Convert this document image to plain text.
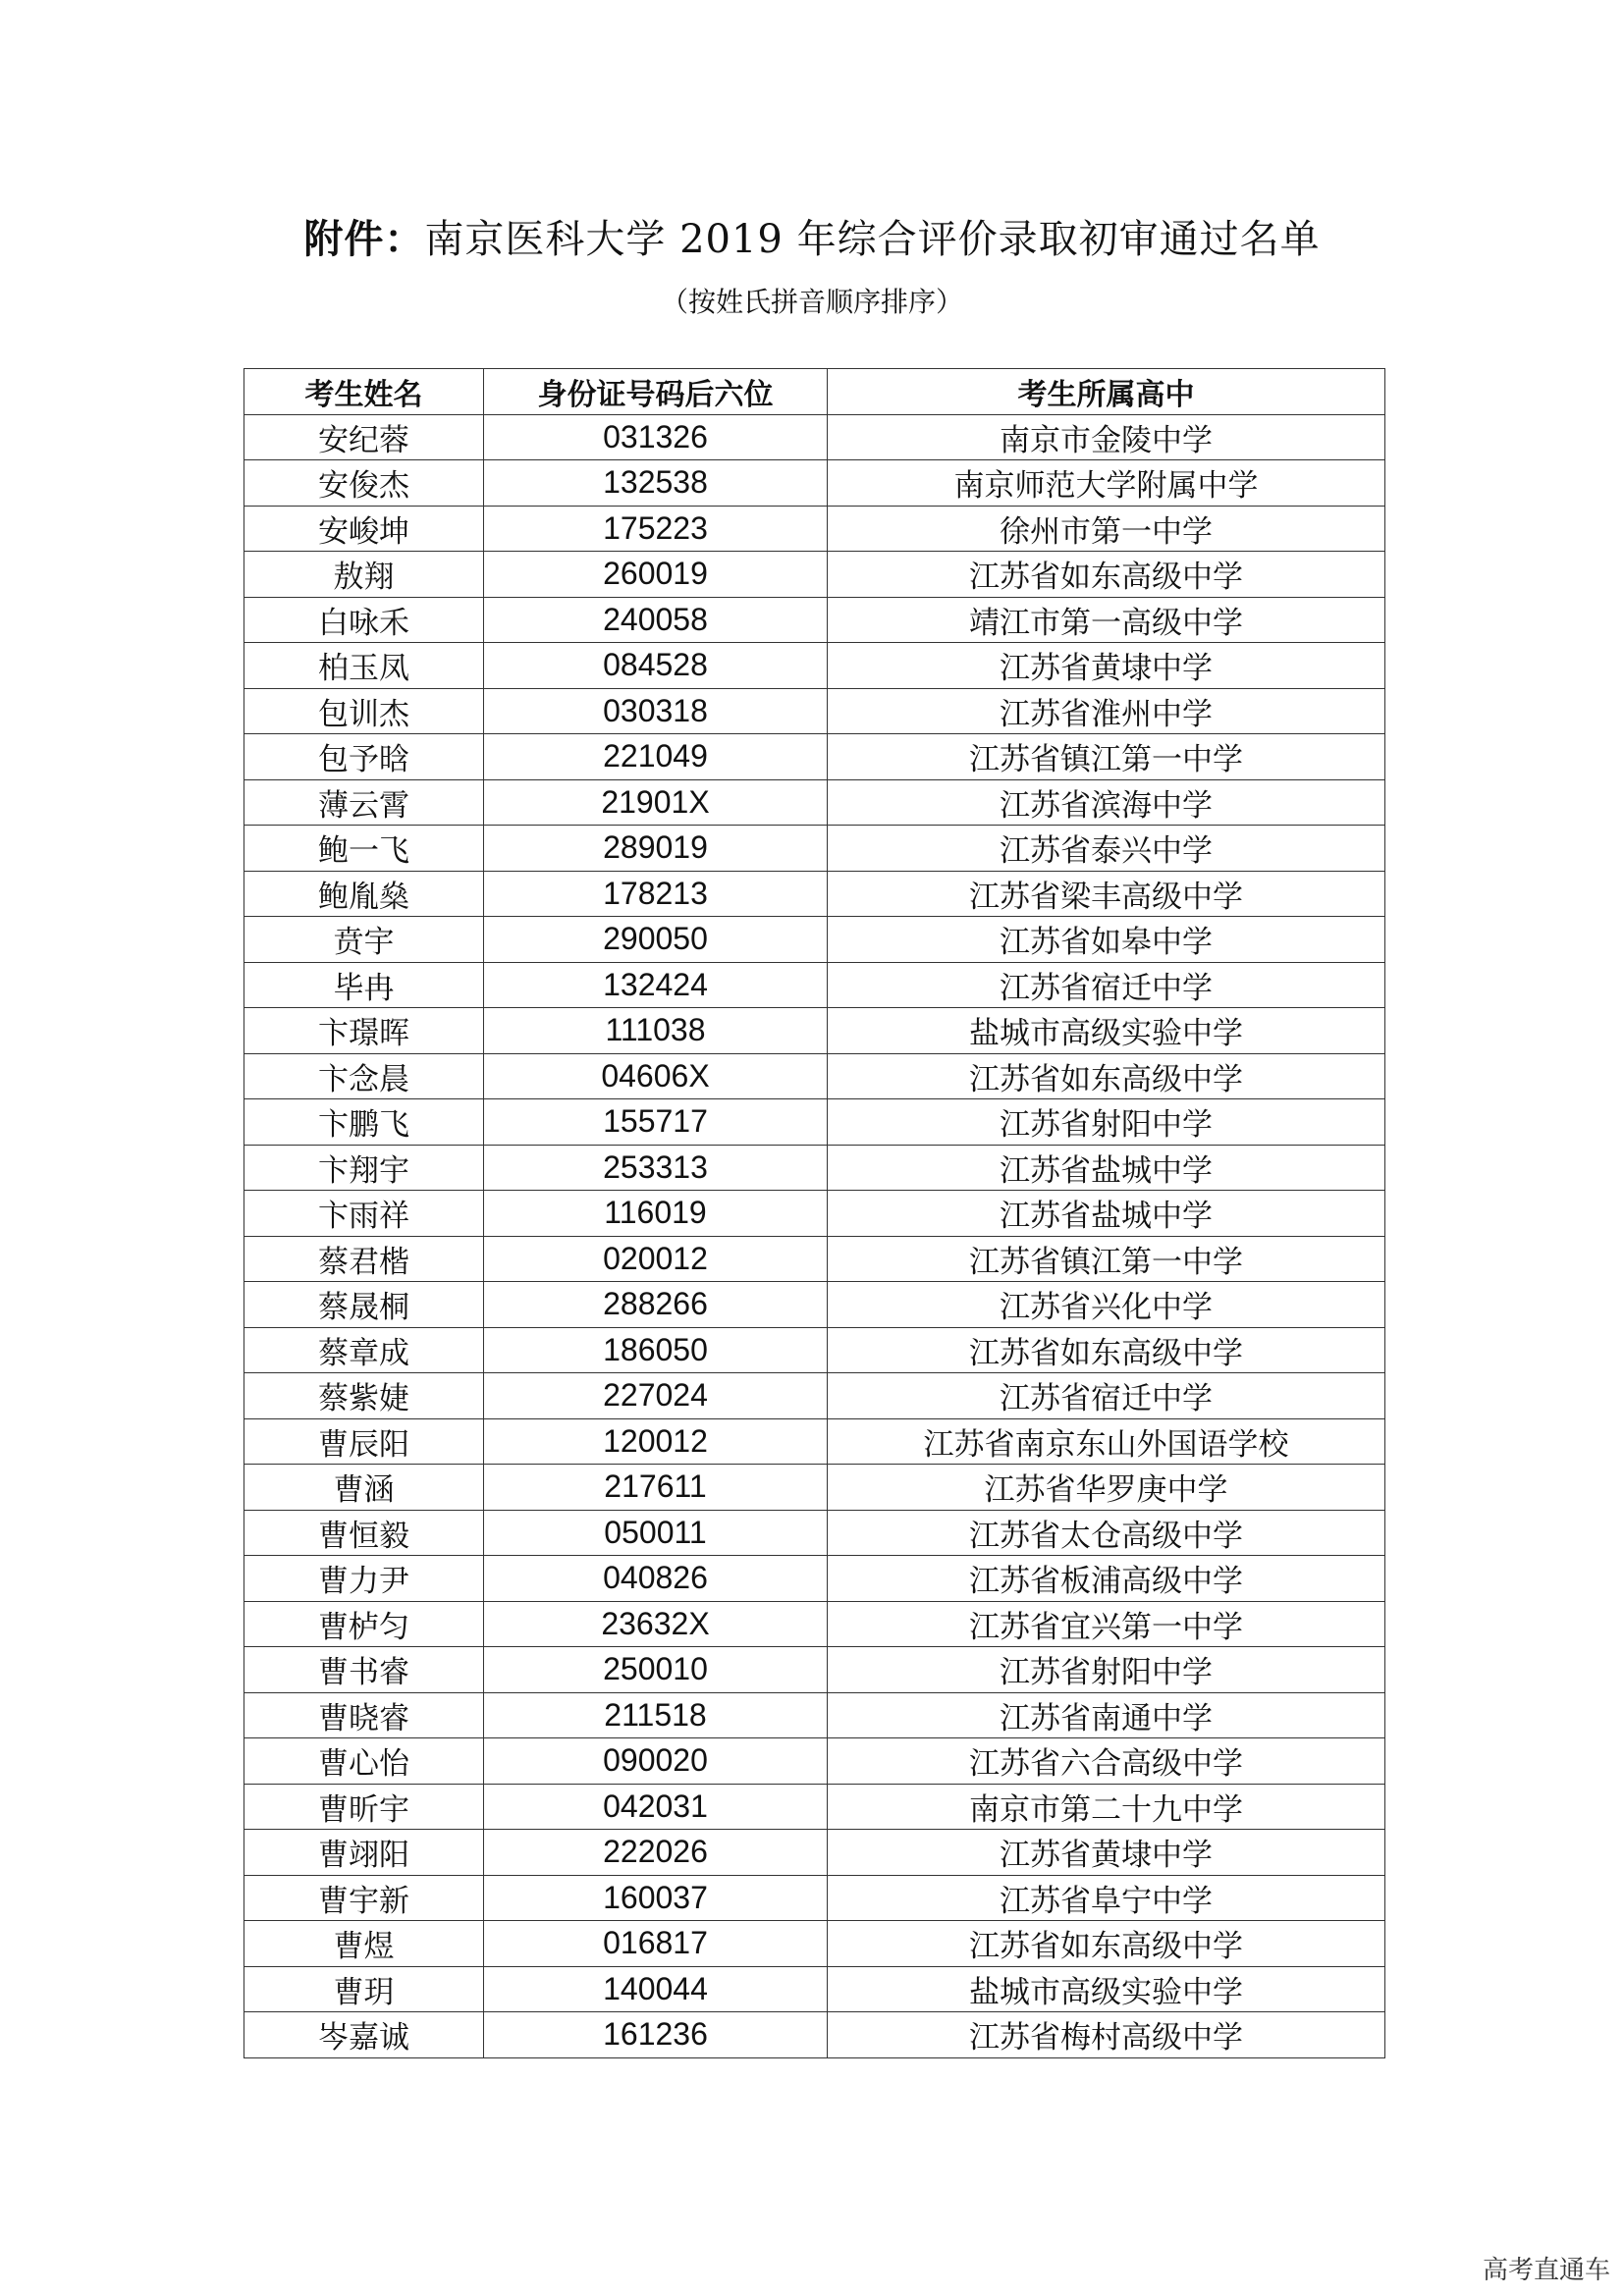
附件：南京医科大学 2019 年综合评价录取初审通过名单
（按姓氏拼音顺序排序）
考生姓名	身份证号码后六位	考生所属高中
安纪蓉	031326	南京市金陵中学
安俊杰	132538	南京师范大学附属中学
安峻坤	175223	徐州市第一中学
敖翔	260019	江苏省如东高级中学
白咏禾	240058	靖江市第一高级中学
柏玉凤	084528	江苏省黄埭中学
包训杰	030318	江苏省淮州中学
包予晗	221049	江苏省镇江第一中学
薄云霄	21901X	江苏省滨海中学
鲍一飞	289019	江苏省泰兴中学
鲍胤燊	178213	江苏省梁丰高级中学
贲宇	290050	江苏省如皋中学
毕冉	132424	江苏省宿迁中学
卞璟晖	111038	盐城市高级实验中学
卞念晨	04606X	江苏省如东高级中学
卞鹏飞	155717	江苏省射阳中学
卞翔宇	253313	江苏省盐城中学
卞雨祥	116019	江苏省盐城中学
蔡君楷	020012	江苏省镇江第一中学
蔡晟桐	288266	江苏省兴化中学
蔡章成	186050	江苏省如东高级中学
蔡紫婕	227024	江苏省宿迁中学
曹辰阳	120012	江苏省南京东山外国语学校
曹涵	217611	江苏省华罗庚中学
曹恒毅	050011	江苏省太仓高级中学
曹力尹	040826	江苏省板浦高级中学
曹栌匀	23632X	江苏省宜兴第一中学
曹书睿	250010	江苏省射阳中学
曹晓睿	211518	江苏省南通中学
曹心怡	090020	江苏省六合高级中学
曹昕宇	042031	南京市第二十九中学
曹翊阳	222026	江苏省黄埭中学
曹宇新	160037	江苏省阜宁中学
曹煜	016817	江苏省如东高级中学
曹玥	140044	盐城市高级实验中学
岑嘉诚	161236	江苏省梅村高级中学
高考直通车
